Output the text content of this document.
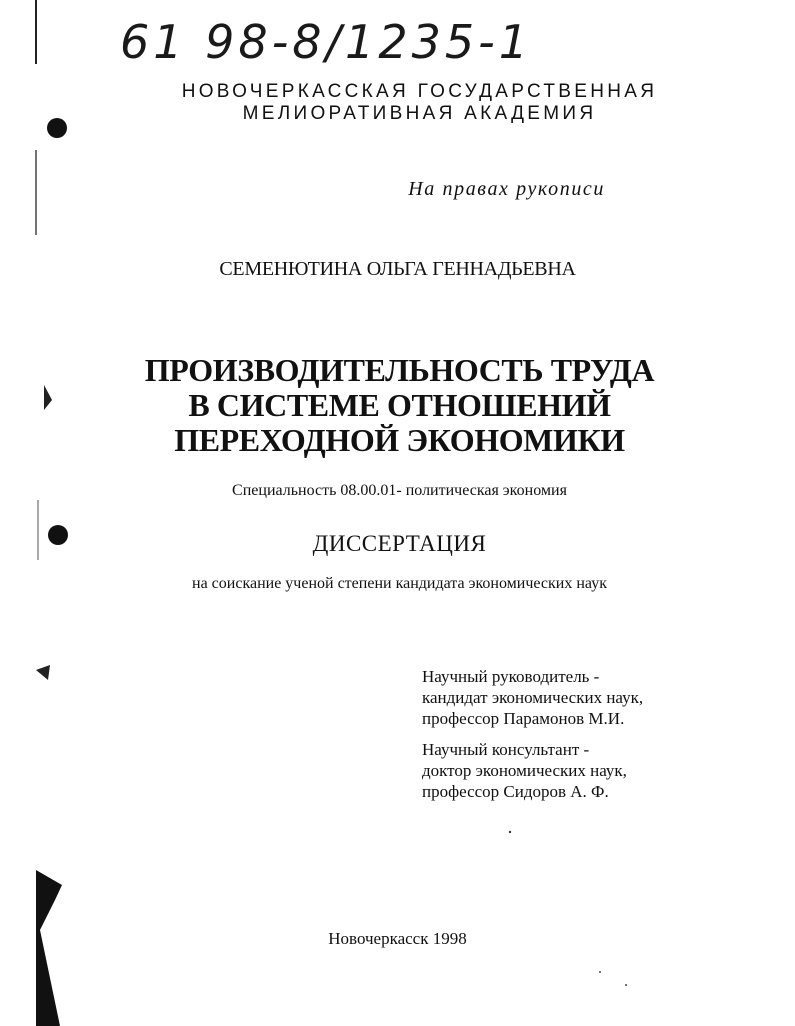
61 98-8/1235-1
НОВОЧЕРКАССКАЯ ГОСУДАРСТВЕННАЯ
МЕЛИОРАТИВНАЯ АКАДЕМИЯ
На правах рукописи
СЕМЕНЮТИНА ОЛЬГА ГЕННАДЬЕВНА
ПРОИЗВОДИТЕЛЬНОСТЬ ТРУДА
В СИСТЕМЕ ОТНОШЕНИЙ
ПЕРЕХОДНОЙ ЭКОНОМИКИ
Специальность 08.00.01- политическая экономия
ДИССЕРТАЦИЯ
на соискание ученой степени кандидата экономических наук
Научный руководитель -
кандидат экономических наук,
профессор Парамонов М.И.
Научный консультант -
доктор экономических наук,
профессор Сидоров А. Ф.
Новочеркасск 1998
